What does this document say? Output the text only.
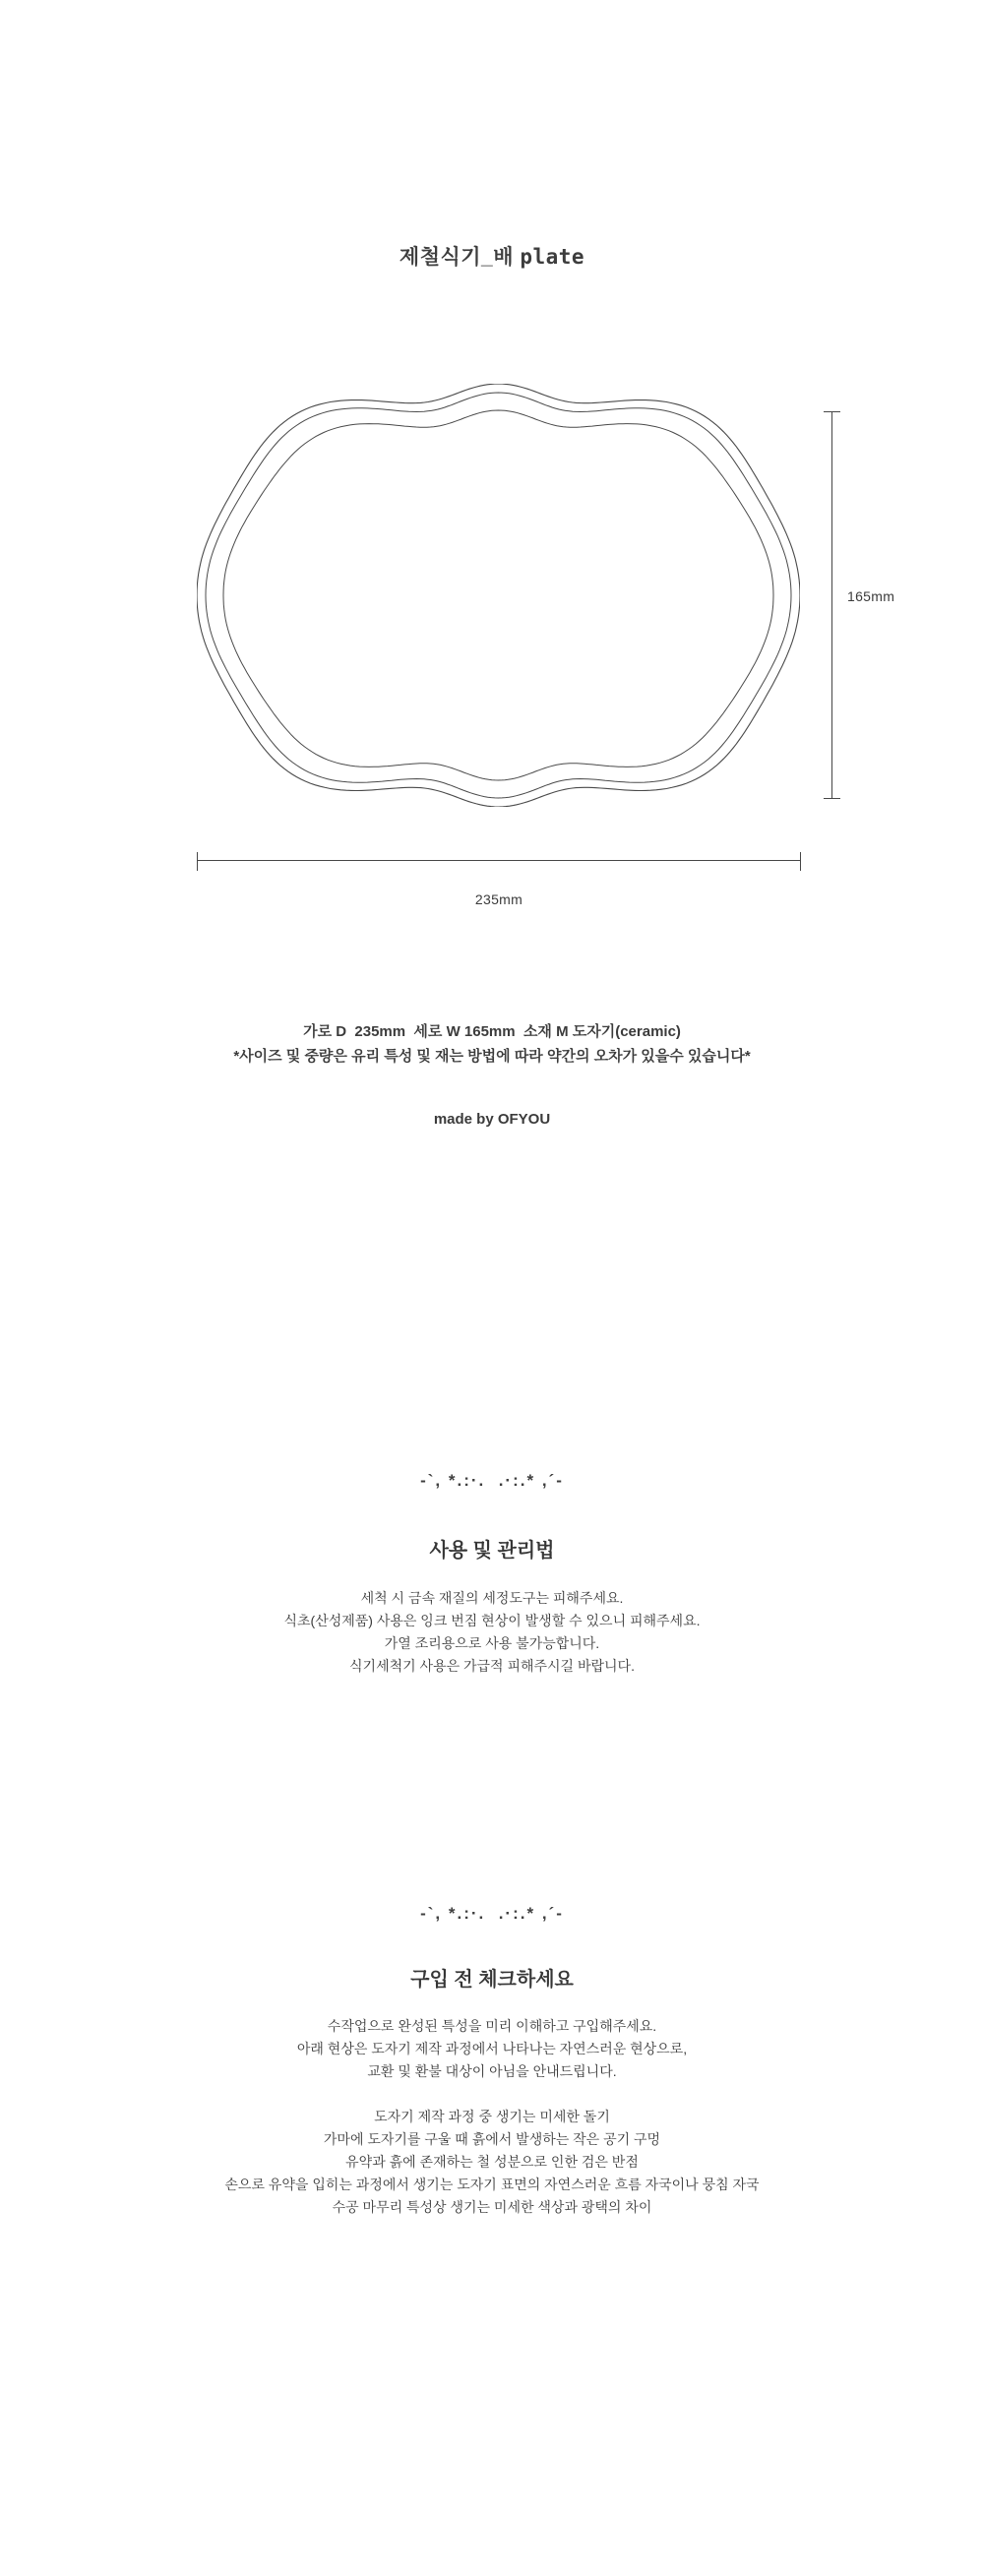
제철식기_배 plate
165mm
235mm
가로 D  235mm  세로 W 165mm  소재 M 도자기(ceramic)
*사이즈 및 중량은 유리 특성 및 재는 방법에 따라 약간의 오차가 있을수 있습니다*
made by OFYOU
-`, *.:·.  .·:.* ,´-
사용 및 관리법
세척 시 금속 재질의 세정도구는 피해주세요.
식초(산성제품) 사용은 잉크 번짐 현상이 발생할 수 있으니 피해주세요.
가열 조리용으로 사용 불가능합니다.
식기세척기 사용은 가급적 피해주시길 바랍니다.
-`, *.:·.  .·:.* ,´-
구입 전 체크하세요
수작업으로 완성된 특성을 미리 이해하고 구입해주세요.
아래 현상은 도자기 제작 과정에서 나타나는 자연스러운 현상으로,
교환 및 환불 대상이 아님을 안내드립니다.
도자기 제작 과정 중 생기는 미세한 돌기
가마에 도자기를 구울 때 흙에서 발생하는 작은 공기 구멍
유약과 흙에 존재하는 철 성분으로 인한 검은 반점
손으로 유약을 입히는 과정에서 생기는 도자기 표면의 자연스러운 흐름 자국이나 뭉침 자국
수공 마무리 특성상 생기는 미세한 색상과 광택의 차이
